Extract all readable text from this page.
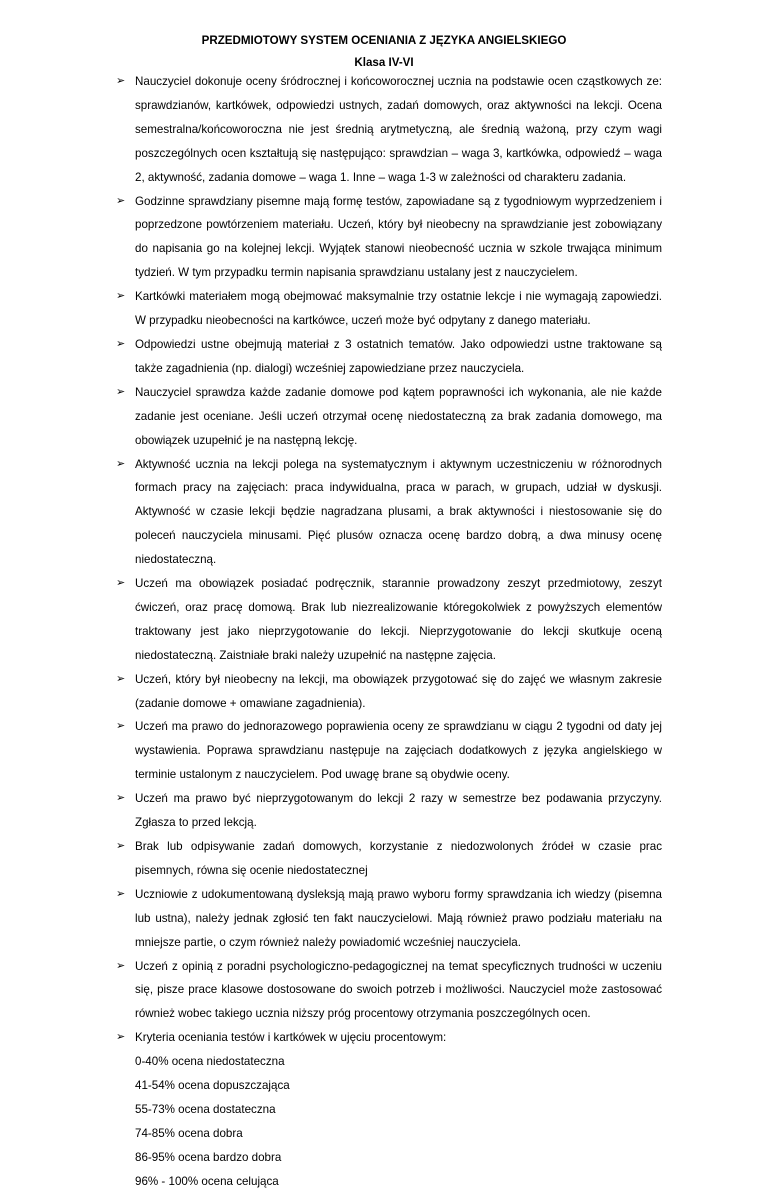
PRZEDMIOTOWY SYSTEM OCENIANIA Z JĘZYKA ANGIELSKIEGO
Klasa IV-VI
➢ Nauczyciel dokonuje oceny śródrocznej i końcoworocznej ucznia na podstawie ocen cząstkowych ze: sprawdzianów, kartkówek, odpowiedzi ustnych, zadań domowych, oraz aktywności na lekcji. Ocena semestralna/końcoworoczna nie jest średnią arytmetyczną, ale średnią ważoną, przy czym wagi poszczególnych ocen kształtują się następująco: sprawdzian – waga 3, kartkówka, odpowiedź – waga 2, aktywność, zadania domowe – waga 1. Inne – waga 1-3 w zależności od charakteru zadania.
➢ Godzinne sprawdziany pisemne mają formę testów, zapowiadane są z tygodniowym wyprzedzeniem i poprzedzone powtórzeniem materiału. Uczeń, który był nieobecny na sprawdzianie jest zobowiązany do napisania go na kolejnej lekcji. Wyjątek stanowi nieobecność ucznia w szkole trwająca minimum tydzień. W tym przypadku termin napisania sprawdzianu ustalany jest z nauczycielem.
➢ Kartkówki materiałem mogą obejmować maksymalnie trzy ostatnie lekcje i nie wymagają zapowiedzi. W przypadku nieobecności na kartkówce, uczeń może być odpytany z danego materiału.
➢ Odpowiedzi ustne obejmują materiał z 3 ostatnich tematów. Jako odpowiedzi ustne traktowane są także zagadnienia (np. dialogi) wcześniej zapowiedziane przez nauczyciela.
➢ Nauczyciel sprawdza każde zadanie domowe pod kątem poprawności ich wykonania, ale nie każde zadanie jest oceniane. Jeśli uczeń otrzymał ocenę niedostateczną za brak zadania domowego, ma obowiązek uzupełnić je na następną lekcję.
➢ Aktywność ucznia na lekcji polega na systematycznym i aktywnym uczestniczeniu w różnorodnych formach pracy na zajęciach: praca indywidualna, praca w parach, w grupach, udział w dyskusji. Aktywność w czasie lekcji będzie nagradzana plusami, a brak aktywności i niestosowanie się do poleceń nauczyciela minusami. Pięć plusów oznacza ocenę bardzo dobrą, a dwa minusy ocenę niedostateczną.
➢ Uczeń ma obowiązek posiadać podręcznik, starannie prowadzony zeszyt przedmiotowy, zeszyt ćwiczeń, oraz pracę domową. Brak lub niezrealizowanie któregokolwiek z powyższych elementów traktowany jest jako nieprzygotowanie do lekcji. Nieprzygotowanie do lekcji skutkuje oceną niedostateczną. Zaistniałe braki należy uzupełnić na następne zajęcia.
➢ Uczeń, który był nieobecny na lekcji, ma obowiązek przygotować się do zajęć we własnym zakresie (zadanie domowe + omawiane zagadnienia).
➢ Uczeń ma prawo do jednorazowego poprawienia oceny ze sprawdzianu w ciągu 2 tygodni od daty jej wystawienia. Poprawa sprawdzianu następuje na zajęciach dodatkowych z języka angielskiego w terminie ustalonym z nauczycielem. Pod uwagę brane są obydwie oceny.
➢ Uczeń ma prawo być nieprzygotowanym do lekcji 2 razy w semestrze bez podawania przyczyny. Zgłasza to przed lekcją.
➢ Brak lub odpisywanie zadań domowych, korzystanie z niedozwolonych źródeł w czasie prac pisemnych, równa się ocenie niedostatecznej
➢ Uczniowie z udokumentowaną dysleksją mają prawo wyboru formy sprawdzania ich wiedzy (pisemna lub ustna), należy jednak zgłosić ten fakt nauczycielowi. Mają również prawo podziału materiału na mniejsze partie, o czym również należy powiadomić wcześniej nauczyciela.
➢ Uczeń z opinią z poradni psychologiczno-pedagogicznej na temat specyficznych trudności w uczeniu się, pisze prace klasowe dostosowane do swoich potrzeb i możliwości. Nauczyciel może zastosować również wobec takiego ucznia niższy próg procentowy otrzymania poszczególnych ocen.
➢ Kryteria oceniania testów i kartkówek w ujęciu procentowym:
0-40% ocena niedostateczna
41-54% ocena dopuszczająca
55-73% ocena dostateczna
74-85% ocena dobra
86-95% ocena bardzo dobra
96% - 100% ocena celująca
